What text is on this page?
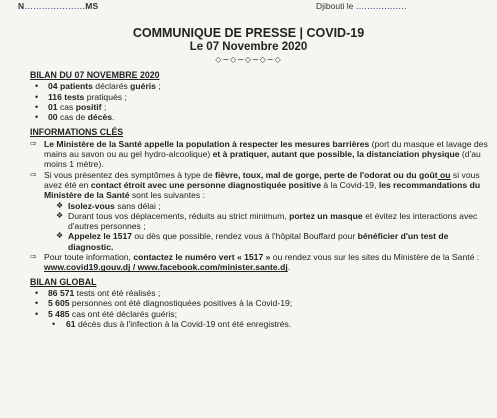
N…………………MS	Djibouti le ………………
COMMUNIQUE DE PRESSE | COVID-19
Le 07 Novembre 2020
◇∼◇∼◇∼◇∼◇
BILAN DU 07 NOVEMBRE 2020
• 04 patients déclarés guéris ;
• 116 tests pratiqués ;
• 01 cas positif ;
• 00 cas de décès.
INFORMATIONS CLÉS
⇨ Le Ministère de la Santé appelle la population à respecter les mesures barrières (port du masque et lavage des mains au savon ou au gel hydro-alcoolique) et à pratiquer, autant que possible, la distanciation physique (d'au moins 1 mètre).
⇨ Si vous présentez des symptômes à type de fièvre, toux, mal de gorge, perte de l'odorat ou du goût ou si vous avez été en contact étroit avec une personne diagnostiquée positive à la Covid-19, les recommandations du Ministère de la Santé sont les suivantes :
❖ Isolez-vous sans délai ;
❖ Durant tous vos déplacements, réduits au strict minimum, portez un masque et évitez les interactions avec d'autres personnes ;
❖ Appelez le 1517 ou dès que possible, rendez vous à l'hôpital Bouffard pour bénéficier d'un test de diagnostic.
⇨ Pour toute information, contactez le numéro vert « 1517 » ou rendez vous sur les sites du Ministère de la Santé : www.covid19.gouv.dj / www.facebook.com/minister.sante.dj.
BILAN GLOBAL
• 86 571 tests ont été réalisés ;
• 5 605 personnes ont été diagnostiquées positives à la Covid-19;
• 5 485 cas ont été déclarés guéris;
• 61 décès dus à l'infection à la Covid-19 ont été enregistrés.
